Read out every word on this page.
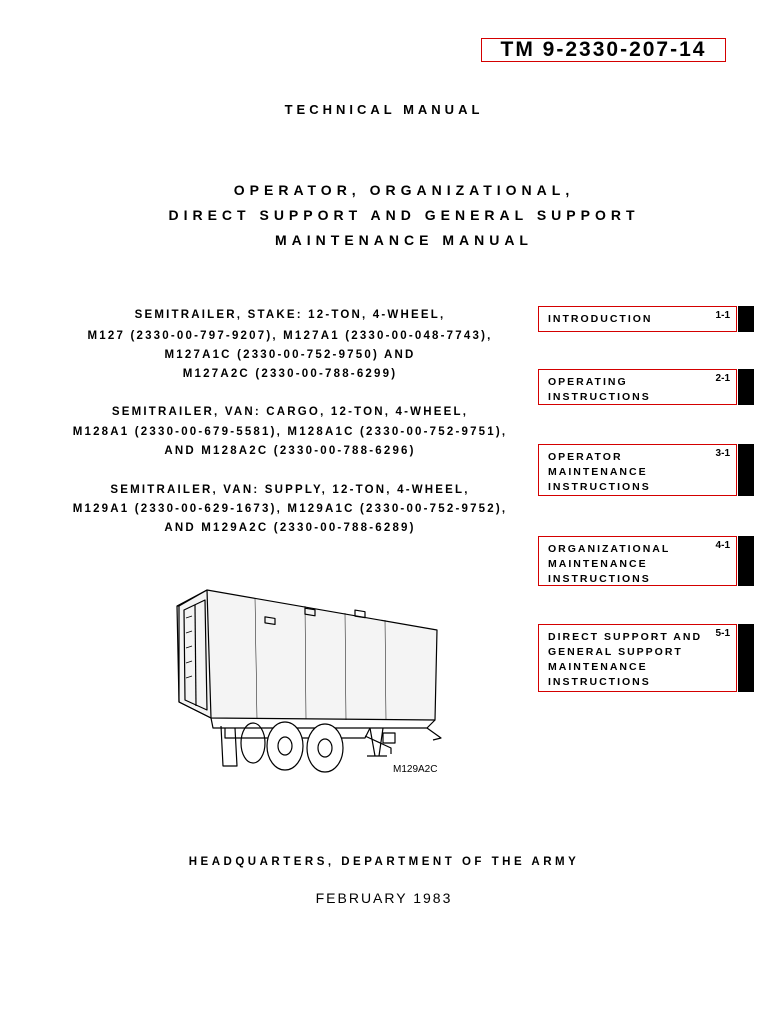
TM 9-2330-207-14
TECHNICAL MANUAL
OPERATOR, ORGANIZATIONAL,
DIRECT SUPPORT AND GENERAL SUPPORT
MAINTENANCE MANUAL
SEMITRAILER, STAKE: 12-TON, 4-WHEEL,
M127 (2330-00-797-9207), M127A1 (2330-00-048-7743),
M127A1C (2330-00-752-9750) AND
M127A2C (2330-00-788-6299)
SEMITRAILER, VAN: CARGO, 12-TON, 4-WHEEL,
M128A1 (2330-00-679-5581), M128A1C (2330-00-752-9751),
AND M128A2C (2330-00-788-6296)
SEMITRAILER, VAN: SUPPLY, 12-TON, 4-WHEEL,
M129A1 (2330-00-629-1673), M129A1C (2330-00-752-9752),
AND M129A2C (2330-00-788-6289)
INTRODUCTION	1-1
OPERATING
INSTRUCTIONS
2-1
OPERATOR
MAINTENANCE
INSTRUCTIONS
3-1
ORGANIZATIONAL
MAINTENANCE
INSTRUCTIONS
4-1
DIRECT SUPPORT AND
GENERAL SUPPORT
MAINTENANCE
INSTRUCTIONS
5-1
M129A2C
HEADQUARTERS, DEPARTMENT OF THE ARMY
FEBRUARY 1983
